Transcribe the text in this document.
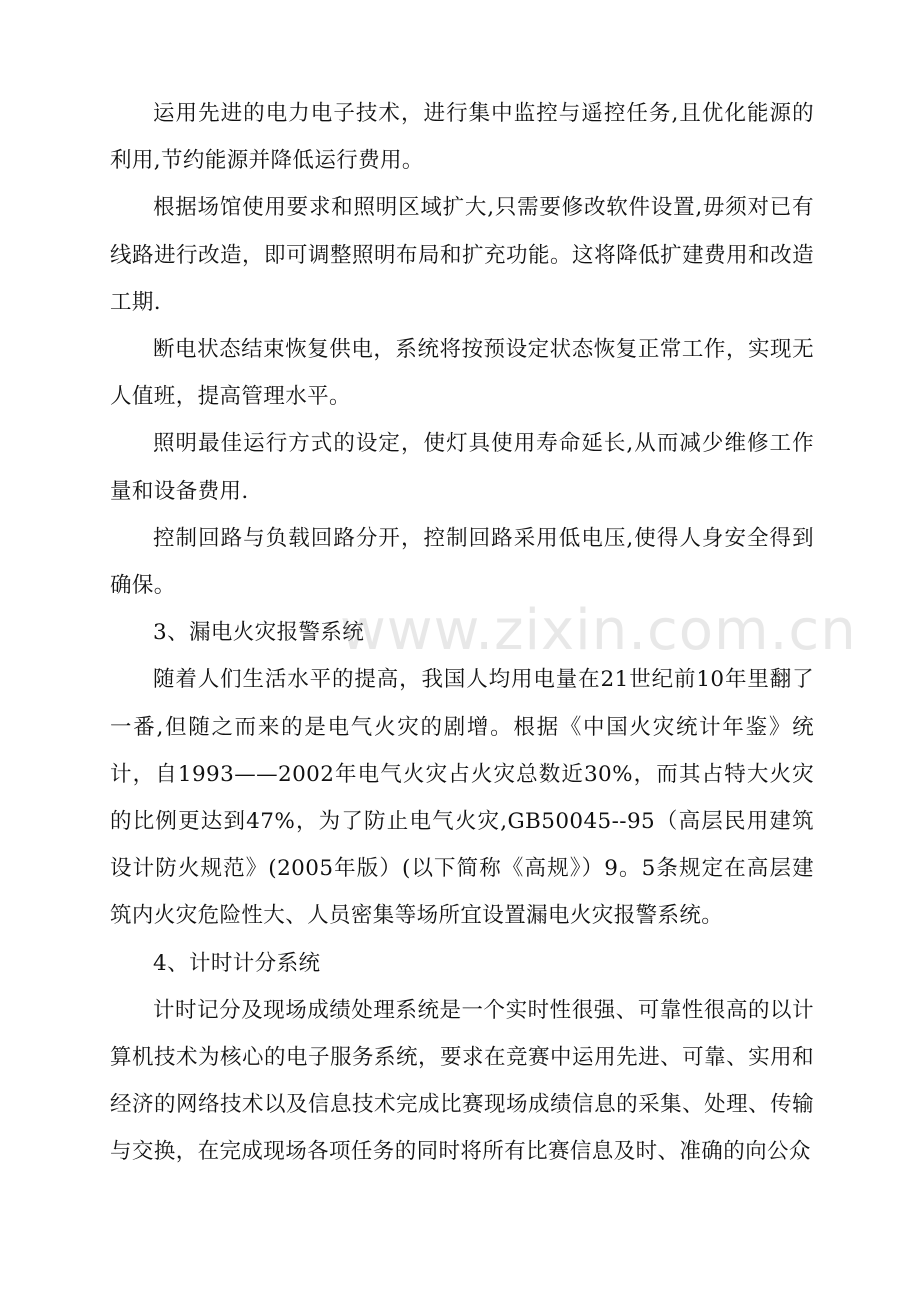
运用先进的电力电子技术，进行集中监控与遥控任务,且优化能源的利用,节约能源并降低运行费用。

根据场馆使用要求和照明区域扩大,只需要修改软件设置,毋须对已有线路进行改造，即可调整照明布局和扩充功能。这将降低扩建费用和改造工期.

断电状态结束恢复供电，系统将按预设定状态恢复正常工作，实现无人值班，提高管理水平。

照明最佳运行方式的设定，使灯具使用寿命延长,从而减少维修工作量和设备费用.

控制回路与负载回路分开，控制回路采用低电压,使得人身安全得到确保。

3、漏电火灾报警系统

随着人们生活水平的提高，我国人均用电量在21世纪前10年里翻了一番,但随之而来的是电气火灾的剧增。根据《中国火灾统计年鉴》统计，自1993——2002年电气火灾占火灾总数近30%，而其占特大火灾的比例更达到47%，为了防止电气火灾,GB50045--95（高层民用建筑设计防火规范》(2005年版）(以下简称《高规》）9。5条规定在高层建筑内火灾危险性大、人员密集等场所宜设置漏电火灾报警系统。

4、计时计分系统

计时记分及现场成绩处理系统是一个实时性很强、可靠性很高的以计算机技术为核心的电子服务系统，要求在竞赛中运用先进、可靠、实用和经济的网络技术以及信息技术完成比赛现场成绩信息的采集、处理、传输与交换，在完成现场各项任务的同时将所有比赛信息及时、准确的向公众

www.zixin.com.cn
